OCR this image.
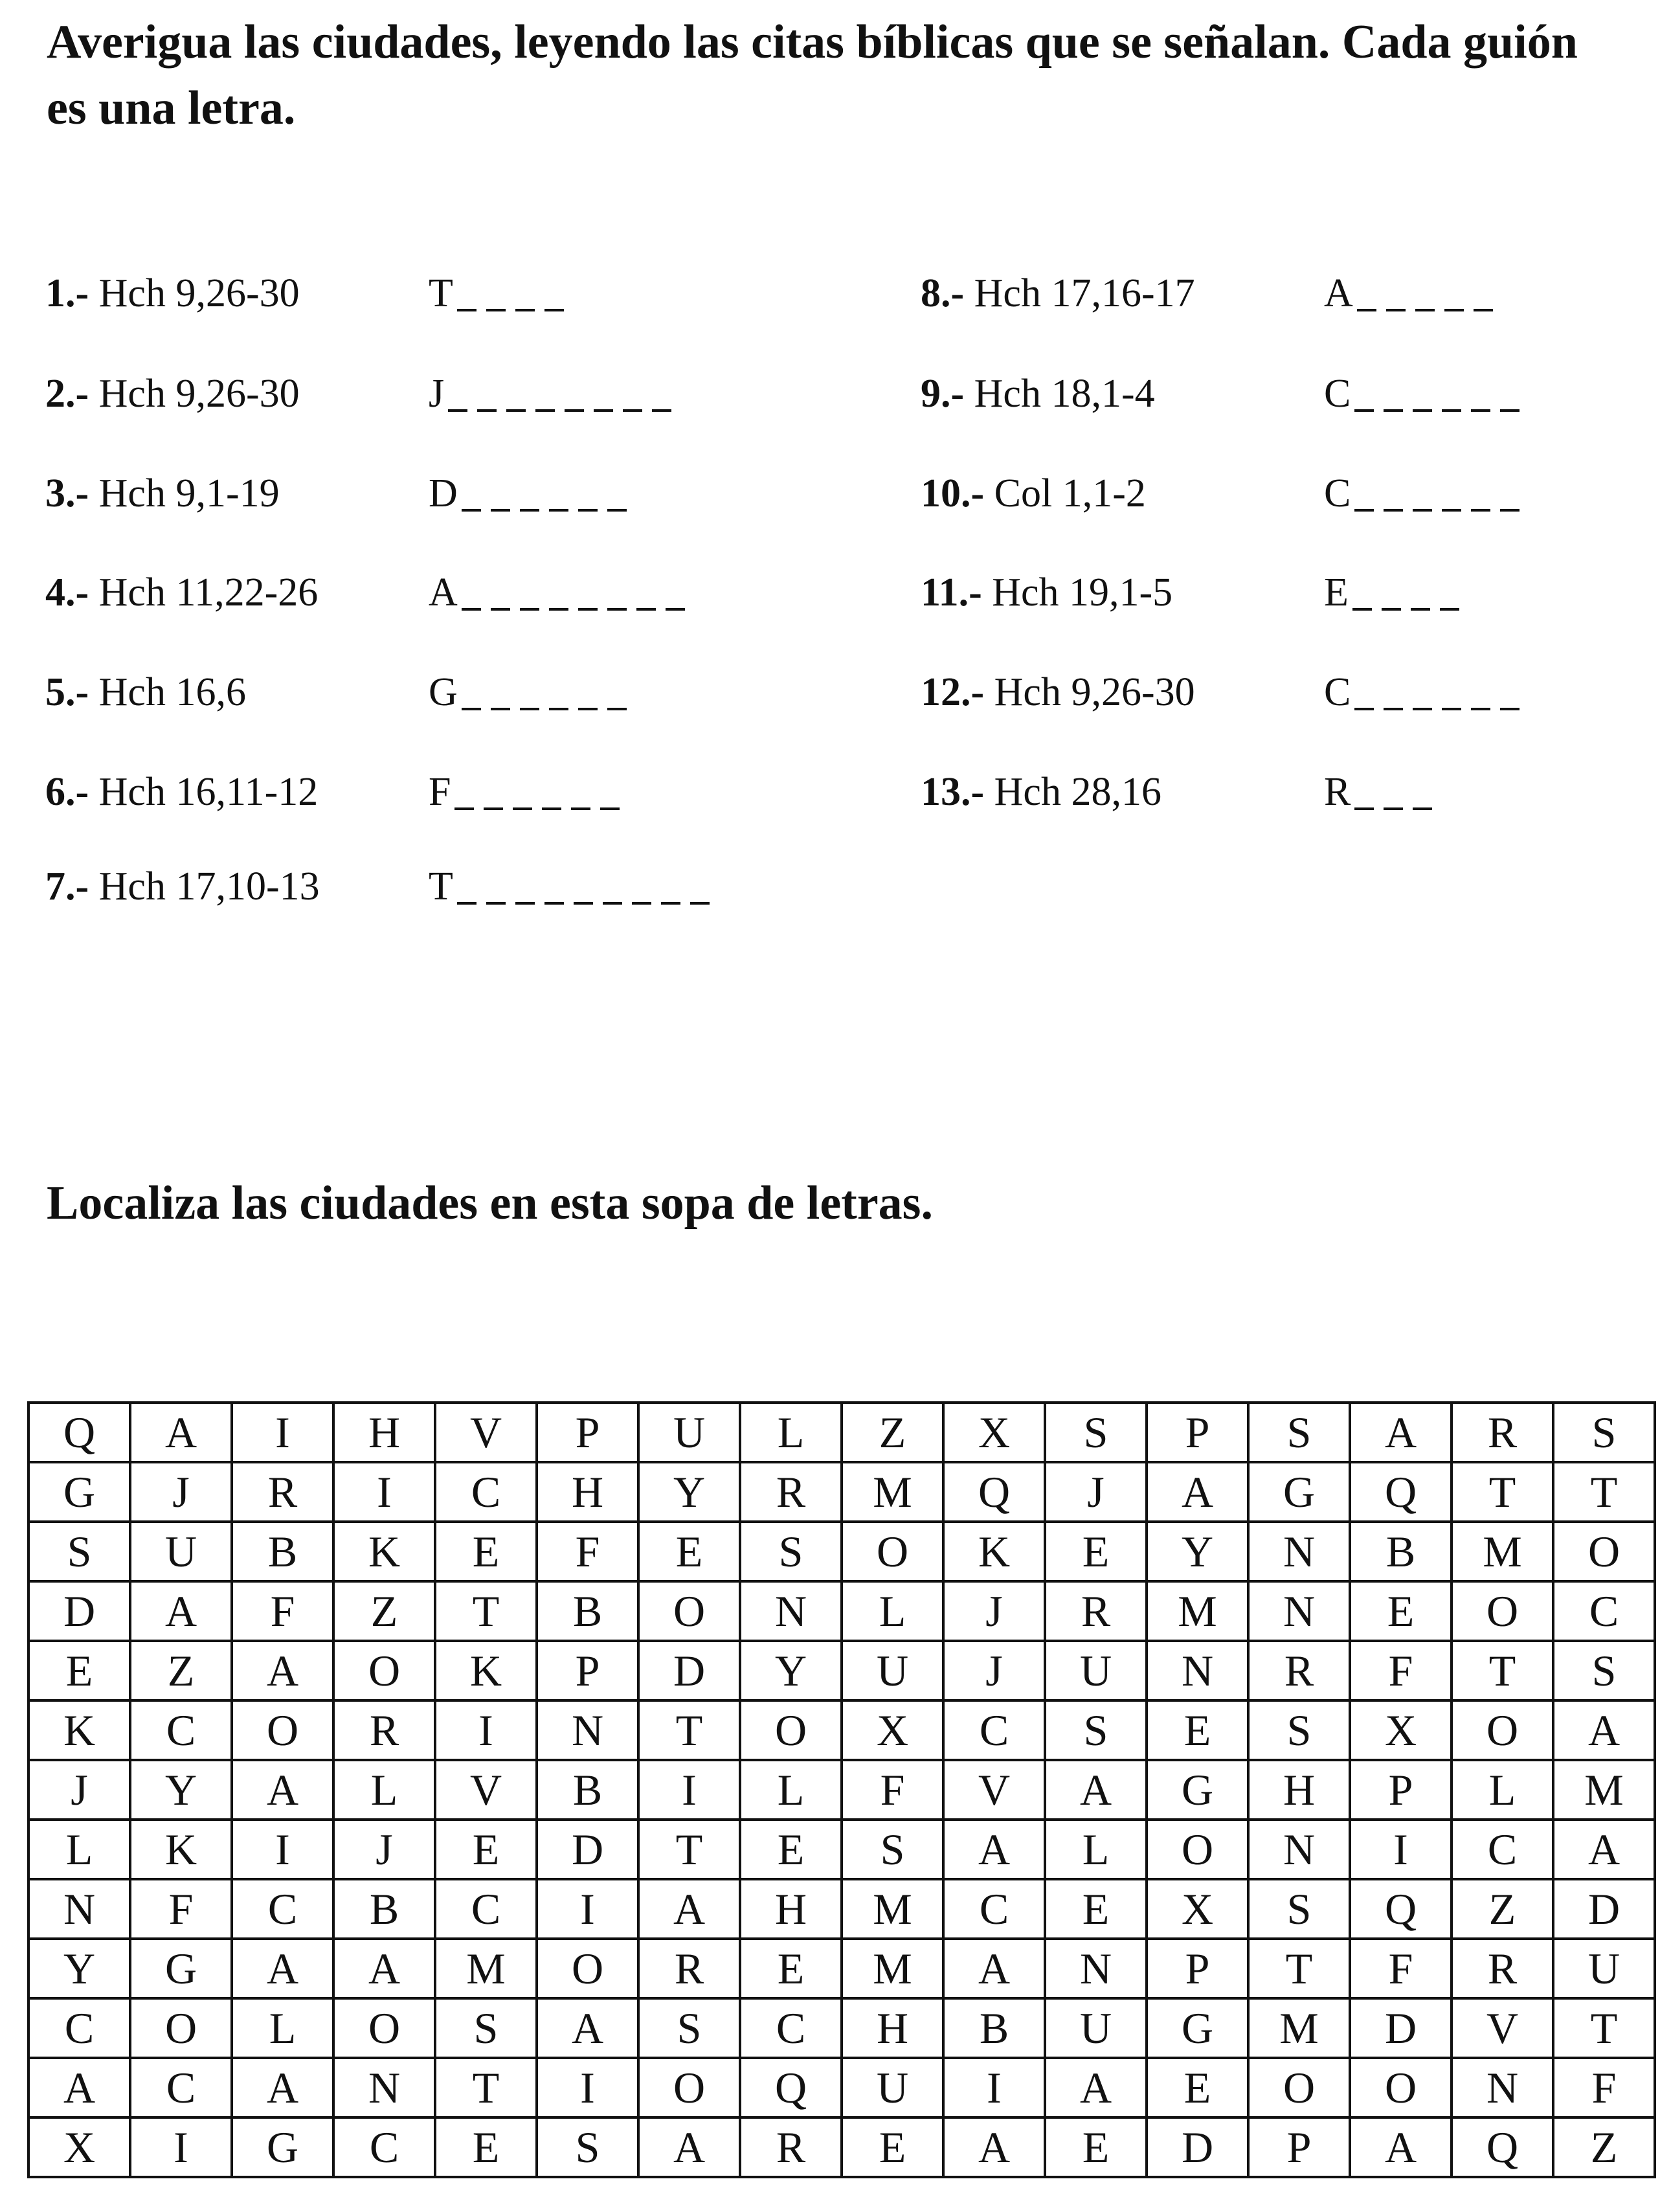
Averigua las ciudades, leyendo las citas bíblicas que se señalan. Cada guión es una letra.
1.- Hch 9,26-30	T
2.- Hch 9,26-30	J
3.- Hch 9,1-19	D
4.- Hch 11,22-26	A
5.- Hch 16,6	G
6.- Hch 16,11-12	F
7.- Hch 17,10-13	T
8.- Hch 17,16-17	A
9.- Hch 18,1-4	C
10.- Col 1,1-2	C
11.- Hch 19,1-5	E
12.- Hch 9,26-30	C
13.- Hch 28,16	R
Localiza las ciudades en esta sopa de letras.
Q	A	I	H	V	P	U	L	Z	X	S	P	S	A	R	S
G	J	R	I	C	H	Y	R	M	Q	J	A	G	Q	T	T
S	U	B	K	E	F	E	S	O	K	E	Y	N	B	M	O
D	A	F	Z	T	B	O	N	L	J	R	M	N	E	O	C
E	Z	A	O	K	P	D	Y	U	J	U	N	R	F	T	S
K	C	O	R	I	N	T	O	X	C	S	E	S	X	O	A
J	Y	A	L	V	B	I	L	F	V	A	G	H	P	L	M
L	K	I	J	E	D	T	E	S	A	L	O	N	I	C	A
N	F	C	B	C	I	A	H	M	C	E	X	S	Q	Z	D
Y	G	A	A	M	O	R	E	M	A	N	P	T	F	R	U
C	O	L	O	S	A	S	C	H	B	U	G	M	D	V	T
A	C	A	N	T	I	O	Q	U	I	A	E	O	O	N	F
X	I	G	C	E	S	A	R	E	A	E	D	P	A	Q	Z
